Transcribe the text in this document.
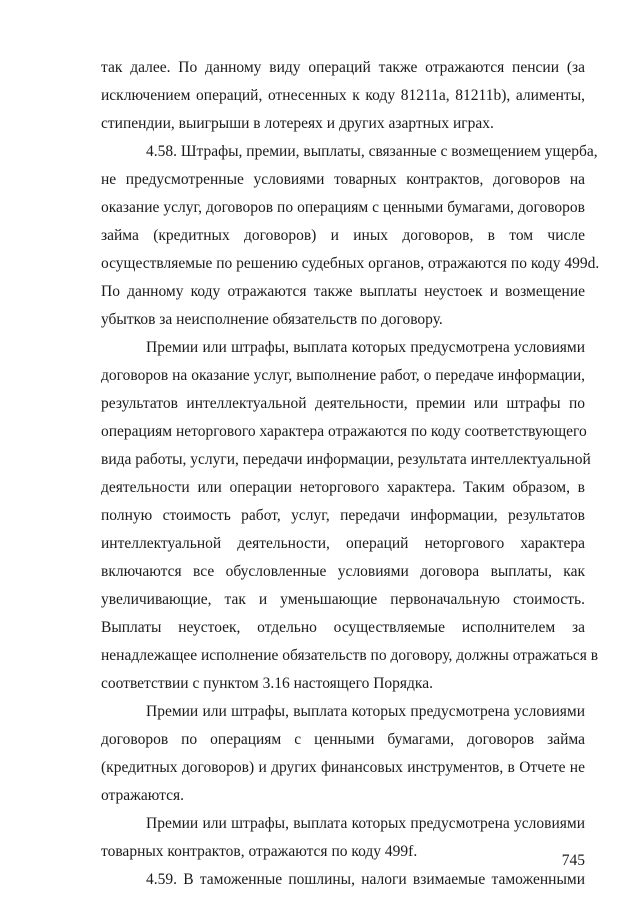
так далее. По данному виду операций также отражаются пенсии (за
исключением операций, отнесенных к коду 81211a, 81211b), алименты,
стипендии, выигрыши в лотереях и других азартных играх.
4.58. Штрафы, премии, выплаты, связанные с возмещением ущерба,
не предусмотренные условиями товарных контрактов, договоров на
оказание услуг, договоров по операциям с ценными бумагами, договоров
займа (кредитных договоров) и иных договоров, в том числе
осуществляемые по решению судебных органов, отражаются по коду 499d.
По данному коду отражаются также выплаты неустоек и возмещение
убытков за неисполнение обязательств по договору.
Премии или штрафы, выплата которых предусмотрена условиями
договоров на оказание услуг, выполнение работ, о передаче информации,
результатов интеллектуальной деятельности, премии или штрафы по
операциям неторгового характера отражаются по коду соответствующего
вида работы, услуги, передачи информации, результата интеллектуальной
деятельности или операции неторгового характера. Таким образом, в
полную стоимость работ, услуг, передачи информации, результатов
интеллектуальной деятельности, операций неторгового характера
включаются все обусловленные условиями договора выплаты, как
увеличивающие, так и уменьшающие первоначальную стоимость.
Выплаты неустоек, отдельно осуществляемые исполнителем за
ненадлежащее исполнение обязательств по договору, должны отражаться в
соответствии с пунктом 3.16 настоящего Порядка.
Премии или штрафы, выплата которых предусмотрена условиями
договоров по операциям с ценными бумагами, договоров займа
(кредитных договоров) и других финансовых инструментов, в Отчете не
отражаются.
Премии или штрафы, выплата которых предусмотрена условиями
товарных контрактов, отражаются по коду 499f.
4.59. В таможенные пошлины, налоги взимаемые таможенными
745
